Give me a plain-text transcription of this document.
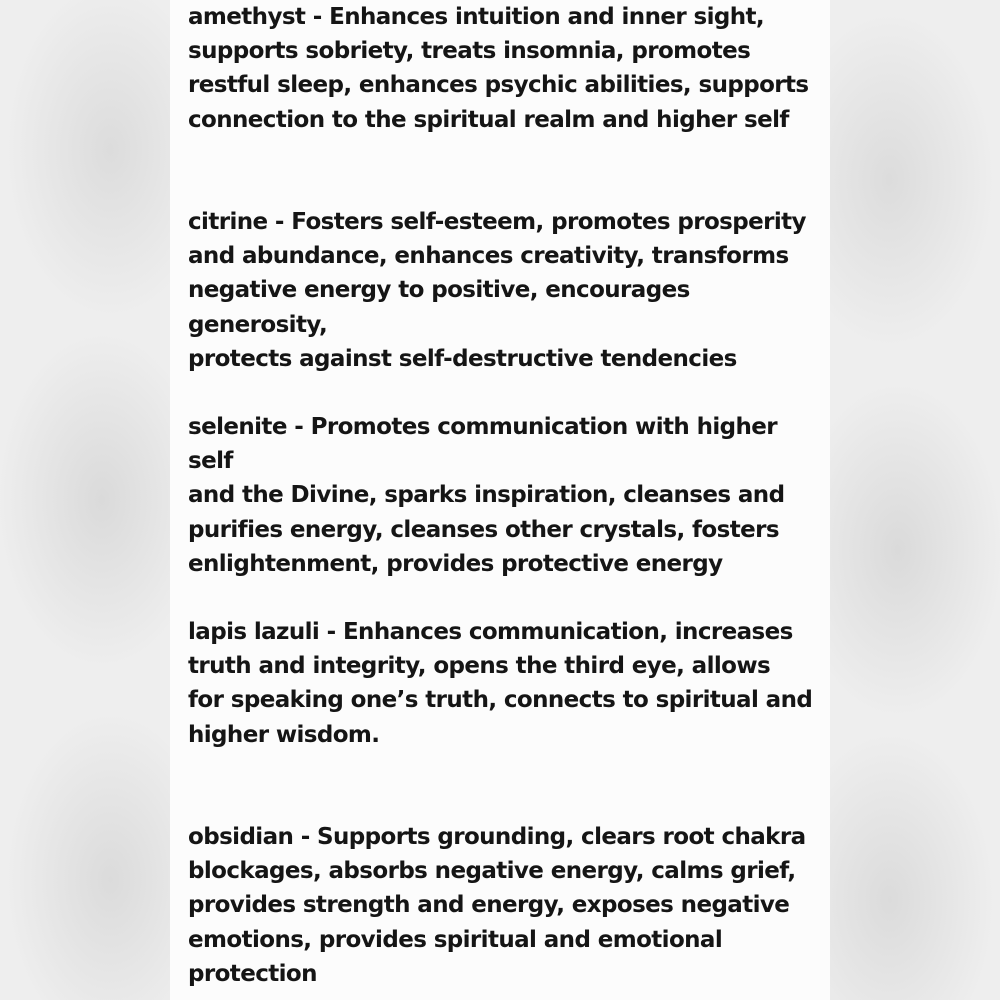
amethyst - Enhances intuition and inner sight,
supports sobriety, treats insomnia, promotes
restful sleep, enhances psychic abilities, supports
connection to the spiritual realm and higher self

citrine - Fosters self-esteem, promotes prosperity
and abundance, enhances creativity, transforms
negative energy to positive, encourages generosity,
protects against self-destructive tendencies

selenite - Promotes communication with higher self
and the Divine, sparks inspiration, cleanses and
purifies energy, cleanses other crystals, fosters
enlightenment, provides protective energy

lapis lazuli - Enhances communication, increases
truth and integrity, opens the third eye, allows
for speaking one’s truth, connects to spiritual and
higher wisdom.

obsidian - Supports grounding, clears root chakra
blockages, absorbs negative energy, calms grief,
provides strength and energy, exposes negative
emotions, provides spiritual and emotional
protection
